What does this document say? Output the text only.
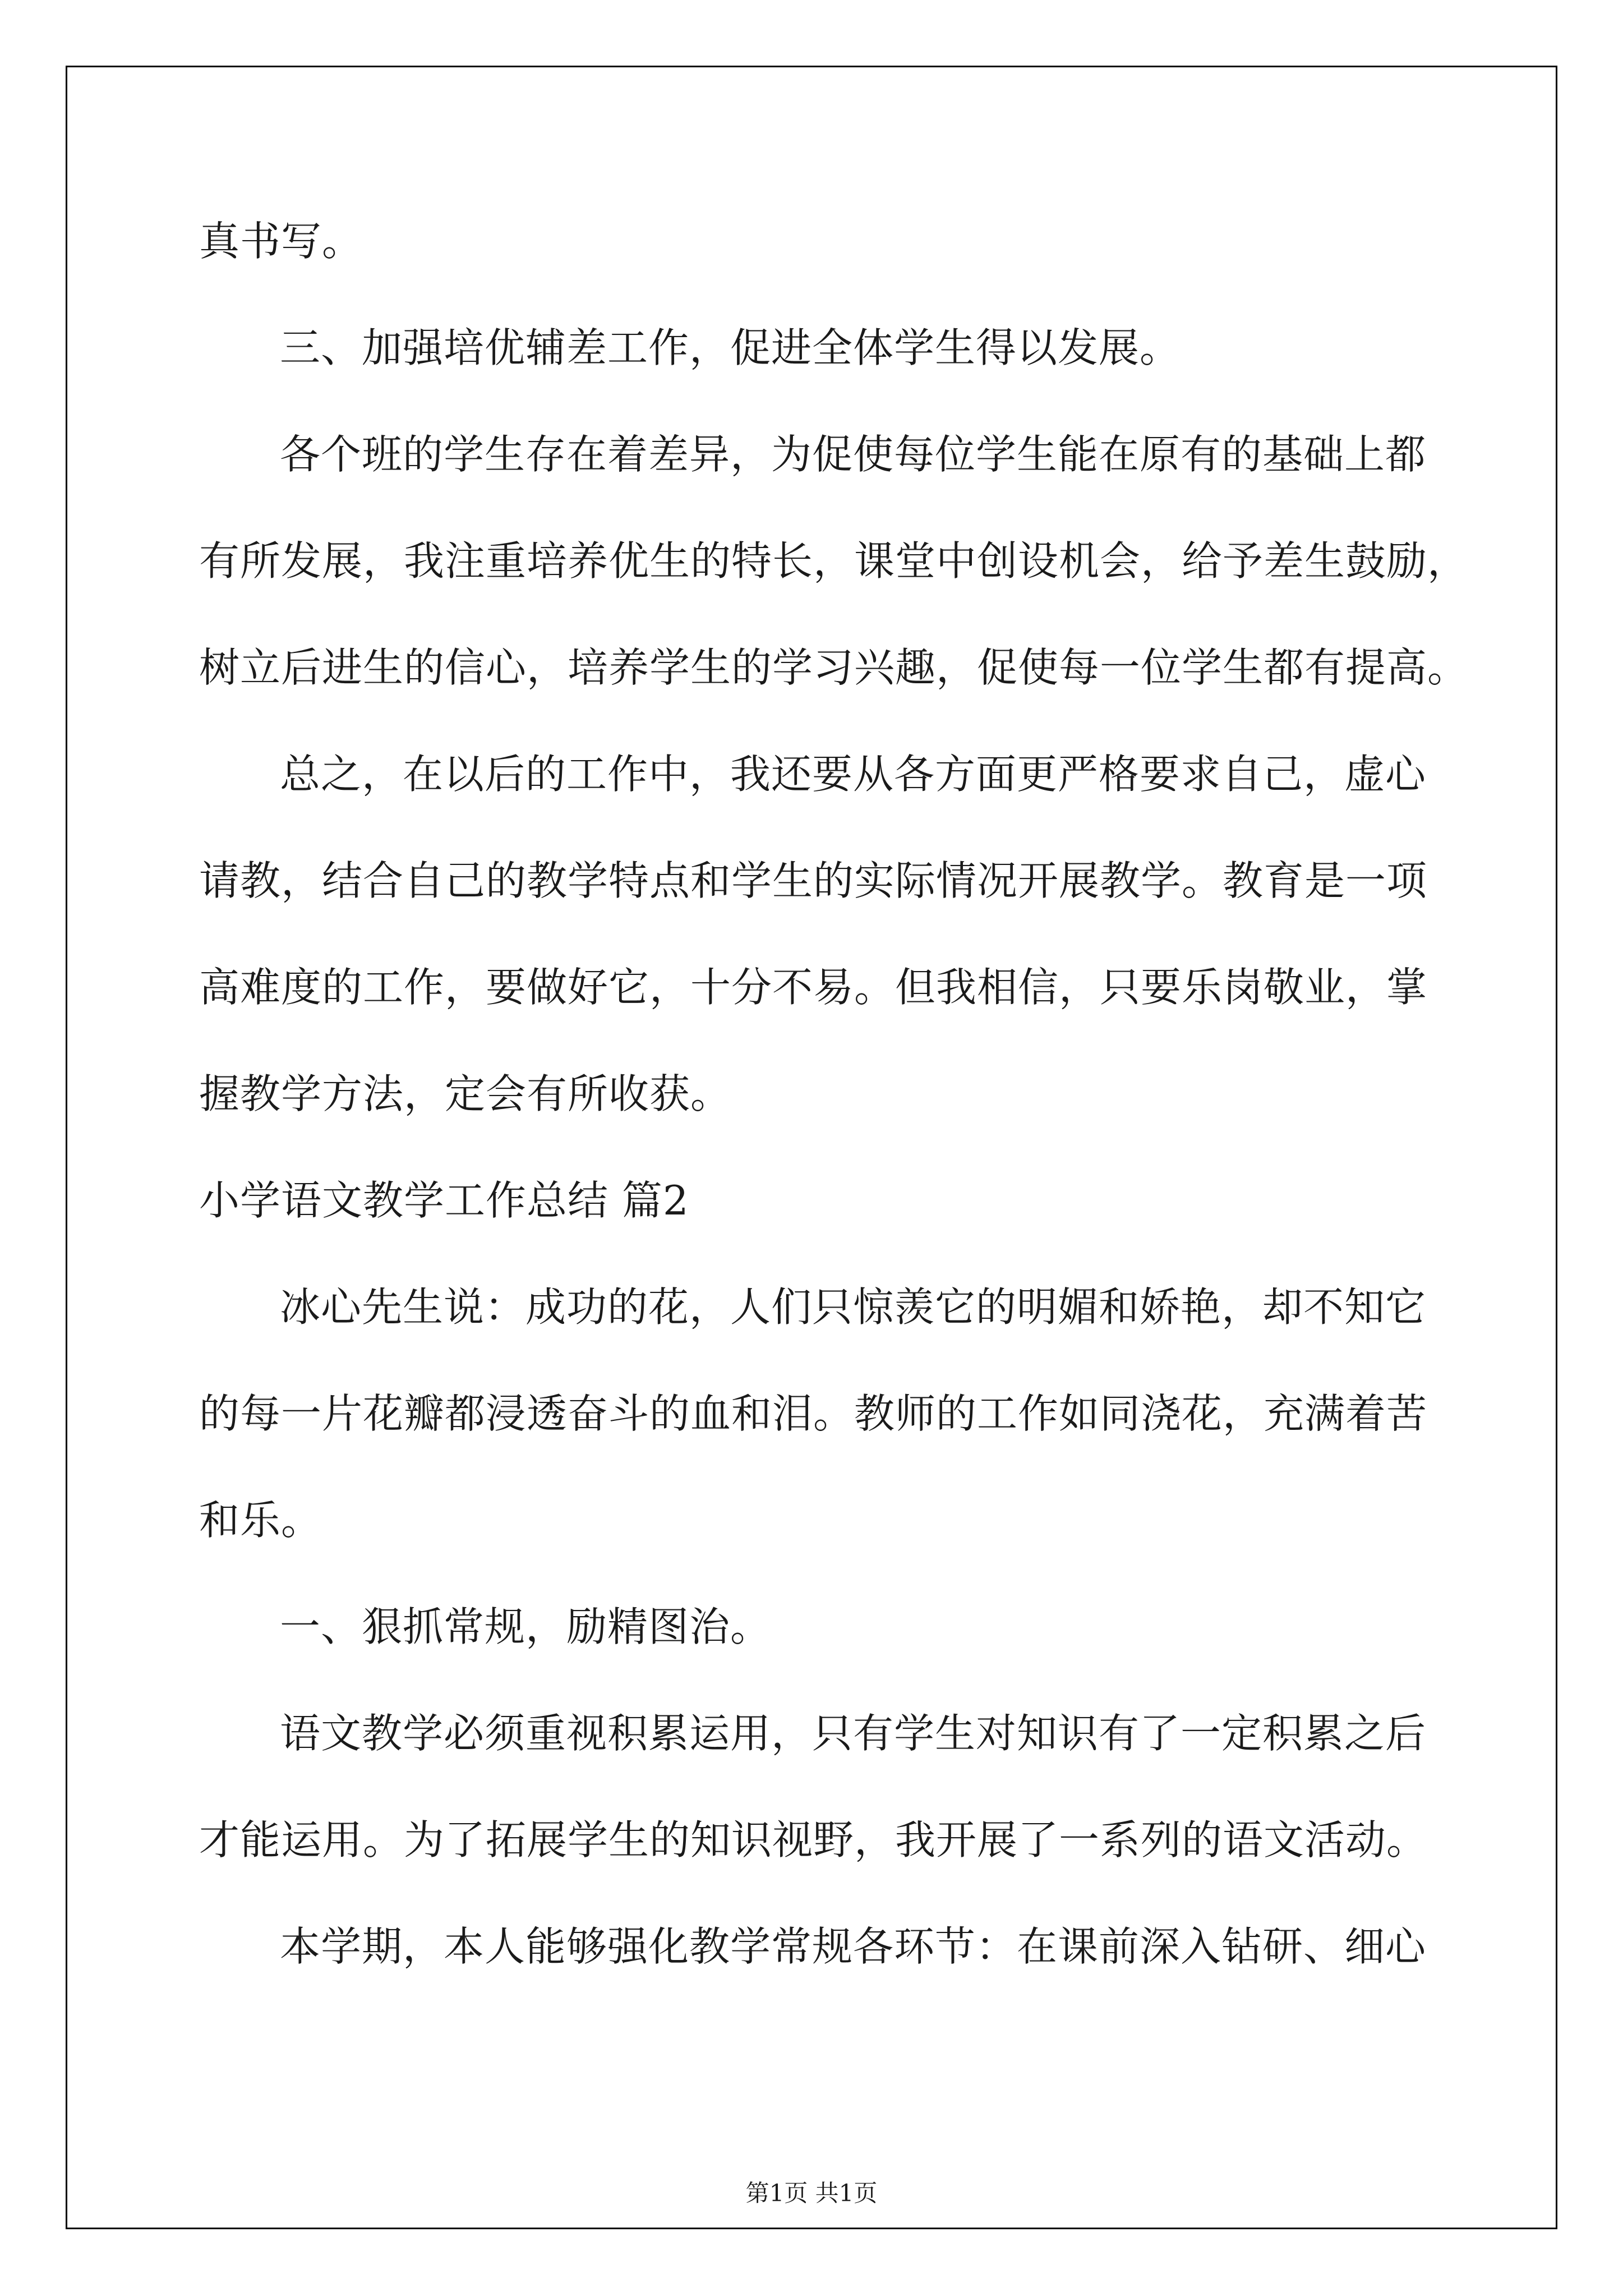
真书写。
三、加强培优辅差工作，促进全体学生得以发展。
各个班的学生存在着差异，为促使每位学生能在原有的基础上都
有所发展，我注重培养优生的特长，课堂中创设机会，给予差生鼓励，
树立后进生的信心，培养学生的学习兴趣，促使每一位学生都有提高。
总之，在以后的工作中，我还要从各方面更严格要求自己，虚心
请教，结合自己的教学特点和学生的实际情况开展教学。教育是一项
高难度的工作，要做好它，十分不易。但我相信，只要乐岗敬业，掌
握教学方法，定会有所收获。
小学语文教学工作总结 篇2
冰心先生说：成功的花，人们只惊羡它的明媚和娇艳，却不知它
的每一片花瓣都浸透奋斗的血和泪。教师的工作如同浇花，充满着苦
和乐。
一、狠抓常规，励精图治。
语文教学必须重视积累运用，只有学生对知识有了一定积累之后
才能运用。为了拓展学生的知识视野，我开展了一系列的语文活动。
本学期，本人能够强化教学常规各环节：在课前深入钻研、细心
第1页 共1页
